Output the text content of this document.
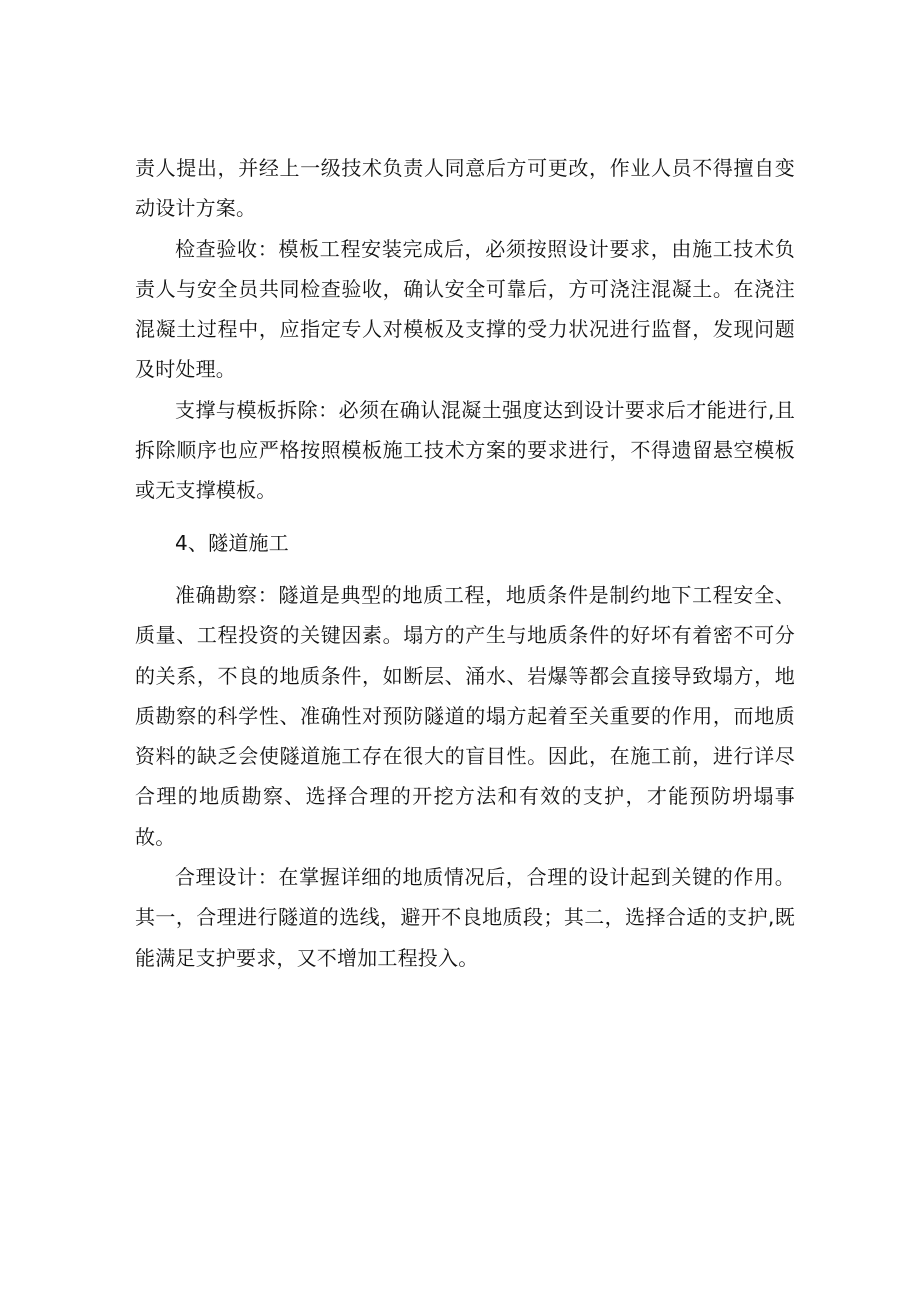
责人提出，并经上一级技术负责人同意后方可更改，作业人员不得擅自变动设计方案。

检查验收：模板工程安装完成后，必须按照设计要求，由施工技术负责人与安全员共同检查验收，确认安全可靠后，方可浇注混凝土。在浇注混凝土过程中，应指定专人对模板及支撑的受力状况进行监督，发现问题及时处理。

支撑与模板拆除：必须在确认混凝土强度达到设计要求后才能进行,且拆除顺序也应严格按照模板施工技术方案的要求进行，不得遗留悬空模板或无支撑模板。

4、隧道施工

准确勘察：隧道是典型的地质工程，地质条件是制约地下工程安全、质量、工程投资的关键因素。塌方的产生与地质条件的好坏有着密不可分的关系，不良的地质条件，如断层、涌水、岩爆等都会直接导致塌方，地质勘察的科学性、准确性对预防隧道的塌方起着至关重要的作用，而地质资料的缺乏会使隧道施工存在很大的盲目性。因此，在施工前，进行详尽合理的地质勘察、选择合理的开挖方法和有效的支护，才能预防坍塌事故。

合理设计：在掌握详细的地质情况后，合理的设计起到关键的作用。其一，合理进行隧道的选线，避开不良地质段；其二，选择合适的支护,既能满足支护要求，又不增加工程投入。
